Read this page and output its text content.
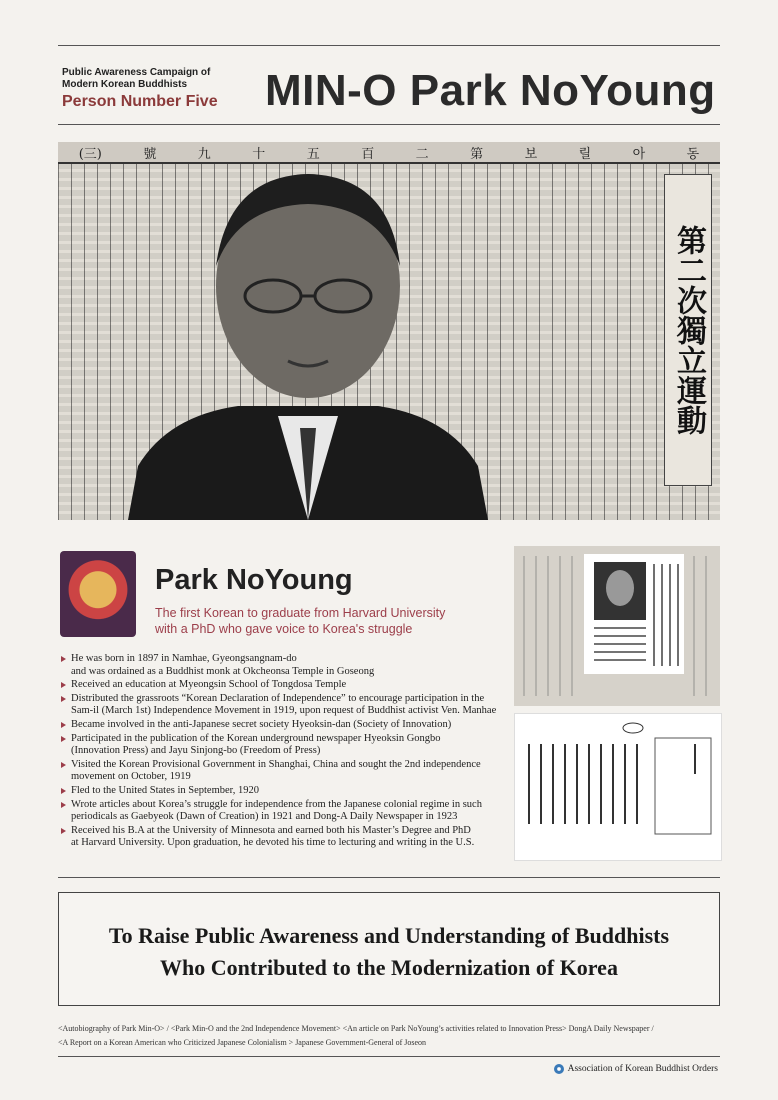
Public Awareness Campaign of
Modern Korean Buddhists
Person Number Five MIN-O Park NoYoung
(三)	號	九	十	五	百	二	第	보	릴	아	동
第二次獨立運動
Park NoYoung
The first Korean to graduate from Harvard University
with a PhD who gave voice to Korea's struggle
He was born in 1897 in Namhae, Gyeongsangnam-do
and was ordained as a Buddhist monk at Okcheonsa Temple in Goseong
Received an education at Myeongsin School of Tongdosa Temple
Distributed the grassroots “Korean Declaration of Independence” to encourage participation in the
Sam-il (March 1st) Independence Movement in 1919, upon request of Buddhist activist Ven. Manhae
Became involved in the anti-Japanese secret society Hyeoksin-dan (Society of Innovation)
Participated in the publication of the Korean underground newspaper Hyeoksin Gongbo
(Innovation Press) and Jayu Sinjong-bo (Freedom of Press)
Visited the Korean Provisional Government in Shanghai, China and sought the 2nd independence
movement on October, 1919
Fled to the United States in September, 1920
Wrote articles about Korea’s struggle for independence from the Japanese colonial regime in such
periodicals as Gaebyeok (Dawn of Creation) in 1921 and Dong-A Daily Newspaper in 1923
Received his B.A at the University of Minnesota and earned both his Master’s Degree and PhD
at Harvard University. Upon graduation, he devoted his time to lecturing and writing in the U.S.
To Raise Public Awareness and Understanding of Buddhists
Who Contributed to the Modernization of Korea
<Autobiography of Park Min-O> / <Park Min-O and the 2nd Independence Movement> <An article on Park NoYoung’s activities related to Innovation Press> DongA Daily Newspaper /
<A Report on a Korean American who Criticized Japanese Colonialism > Japanese Government-General of Joseon
Association of Korean Buddhist Orders
